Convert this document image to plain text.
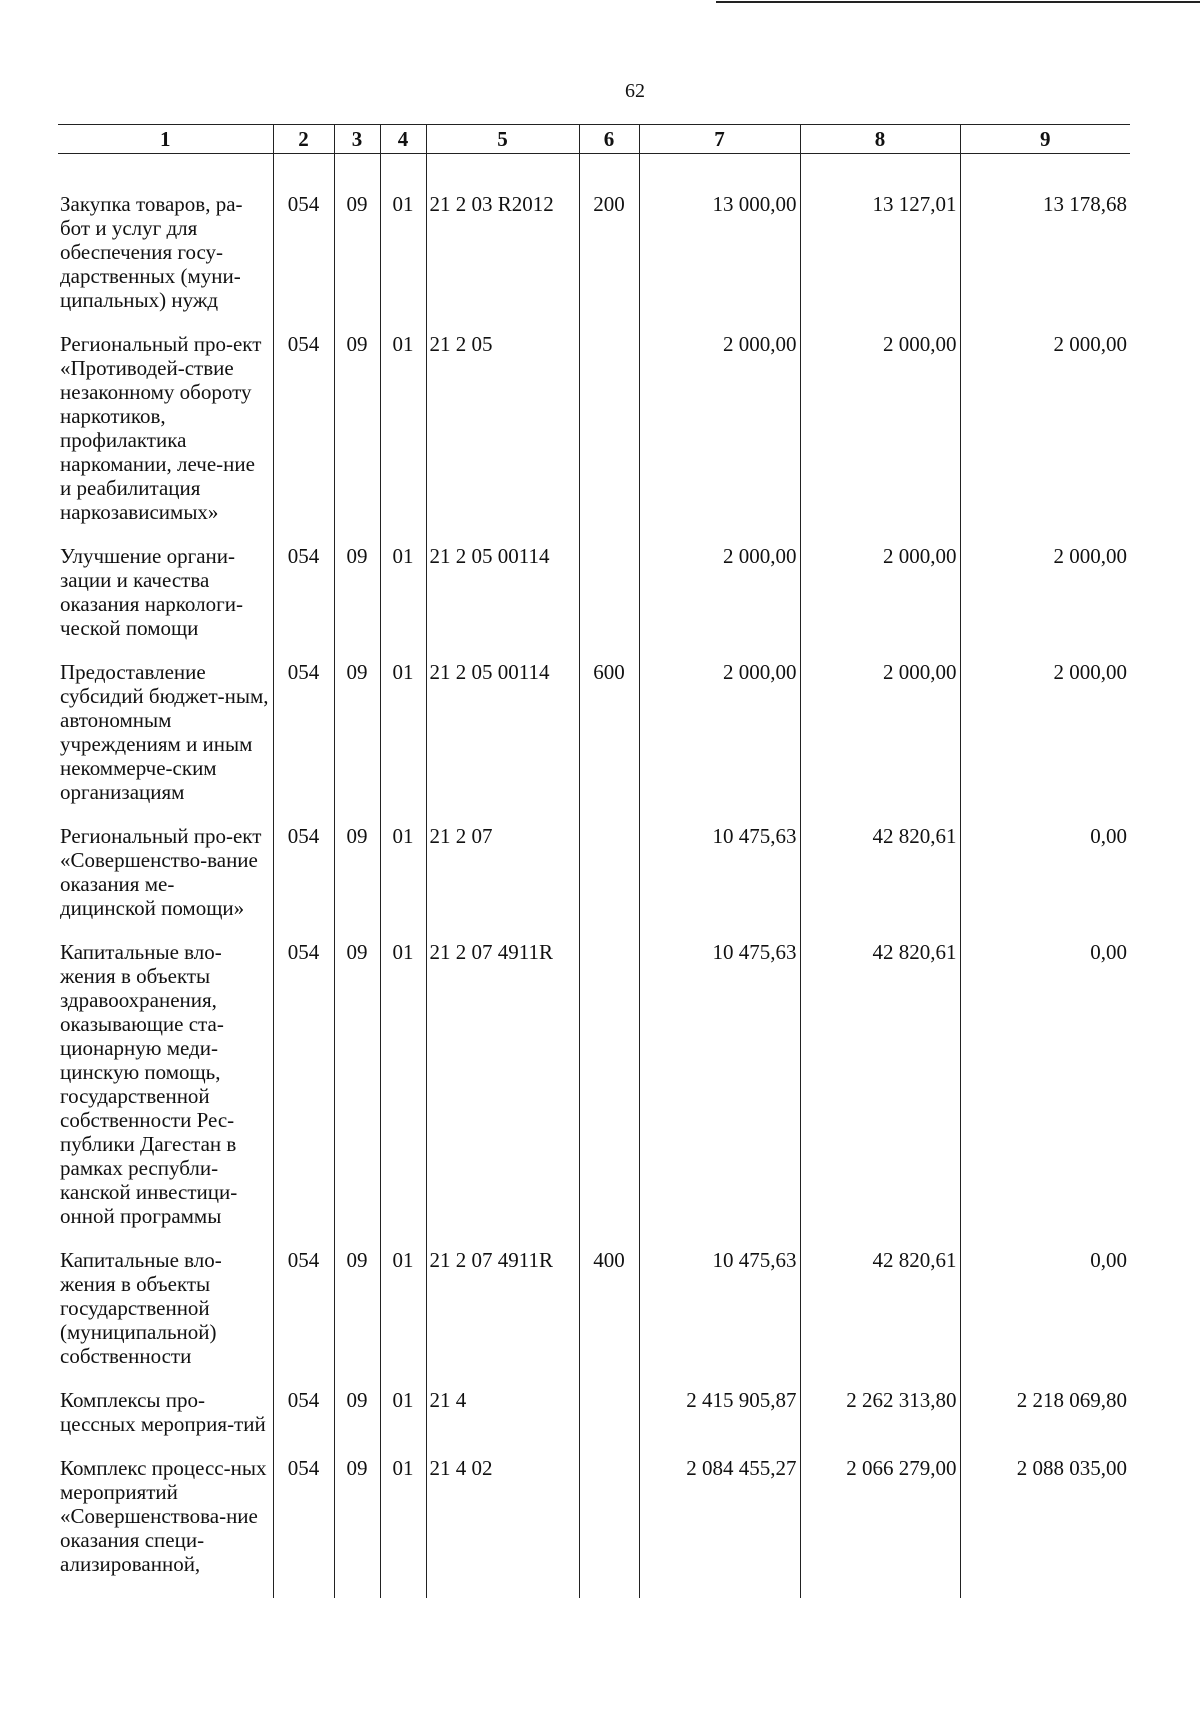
62
1	2	3	4	5	6	7	8	9
Закупка товаров, ра-бот и услуг для обеспечения госу-дарственных (муни-ципальных) нужд	054	09	01	21 2 03 R2012	200	13 000,00	13 127,01	13 178,68
Региональный про-ект «Противодей-ствие незаконному обороту наркотиков, профилактика наркомании, лече-ние и реабилитация наркозависимых»	054	09	01	21 2 05		2 000,00	2 000,00	2 000,00
Улучшение органи-зации и качества оказания наркологи-ческой помощи	054	09	01	21 2 05 00114		2 000,00	2 000,00	2 000,00
Предоставление субсидий бюджет-ным, автономным учреждениям и иным некоммерче-ским организациям	054	09	01	21 2 05 00114	600	2 000,00	2 000,00	2 000,00
Региональный про-ект «Совершенство-вание оказания ме-дицинской помощи»	054	09	01	21 2 07		10 475,63	42 820,61	0,00
Капитальные вло-жения в объекты здравоохранения, оказывающие ста-ционарную меди-цинскую помощь, государственной собственности Рес-публики Дагестан в рамках республи-канской инвестици-онной программы	054	09	01	21 2 07 4911R		10 475,63	42 820,61	0,00
Капитальные вло-жения в объекты государственной (муниципальной) собственности	054	09	01	21 2 07 4911R	400	10 475,63	42 820,61	0,00
Комплексы про-цессных мероприя-тий	054	09	01	21 4		2 415 905,87	2 262 313,80	2 218 069,80
Комплекс процесс-ных мероприятий «Совершенствова-ние оказания специ-ализированной,	054	09	01	21 4 02		2 084 455,27	2 066 279,00	2 088 035,00
